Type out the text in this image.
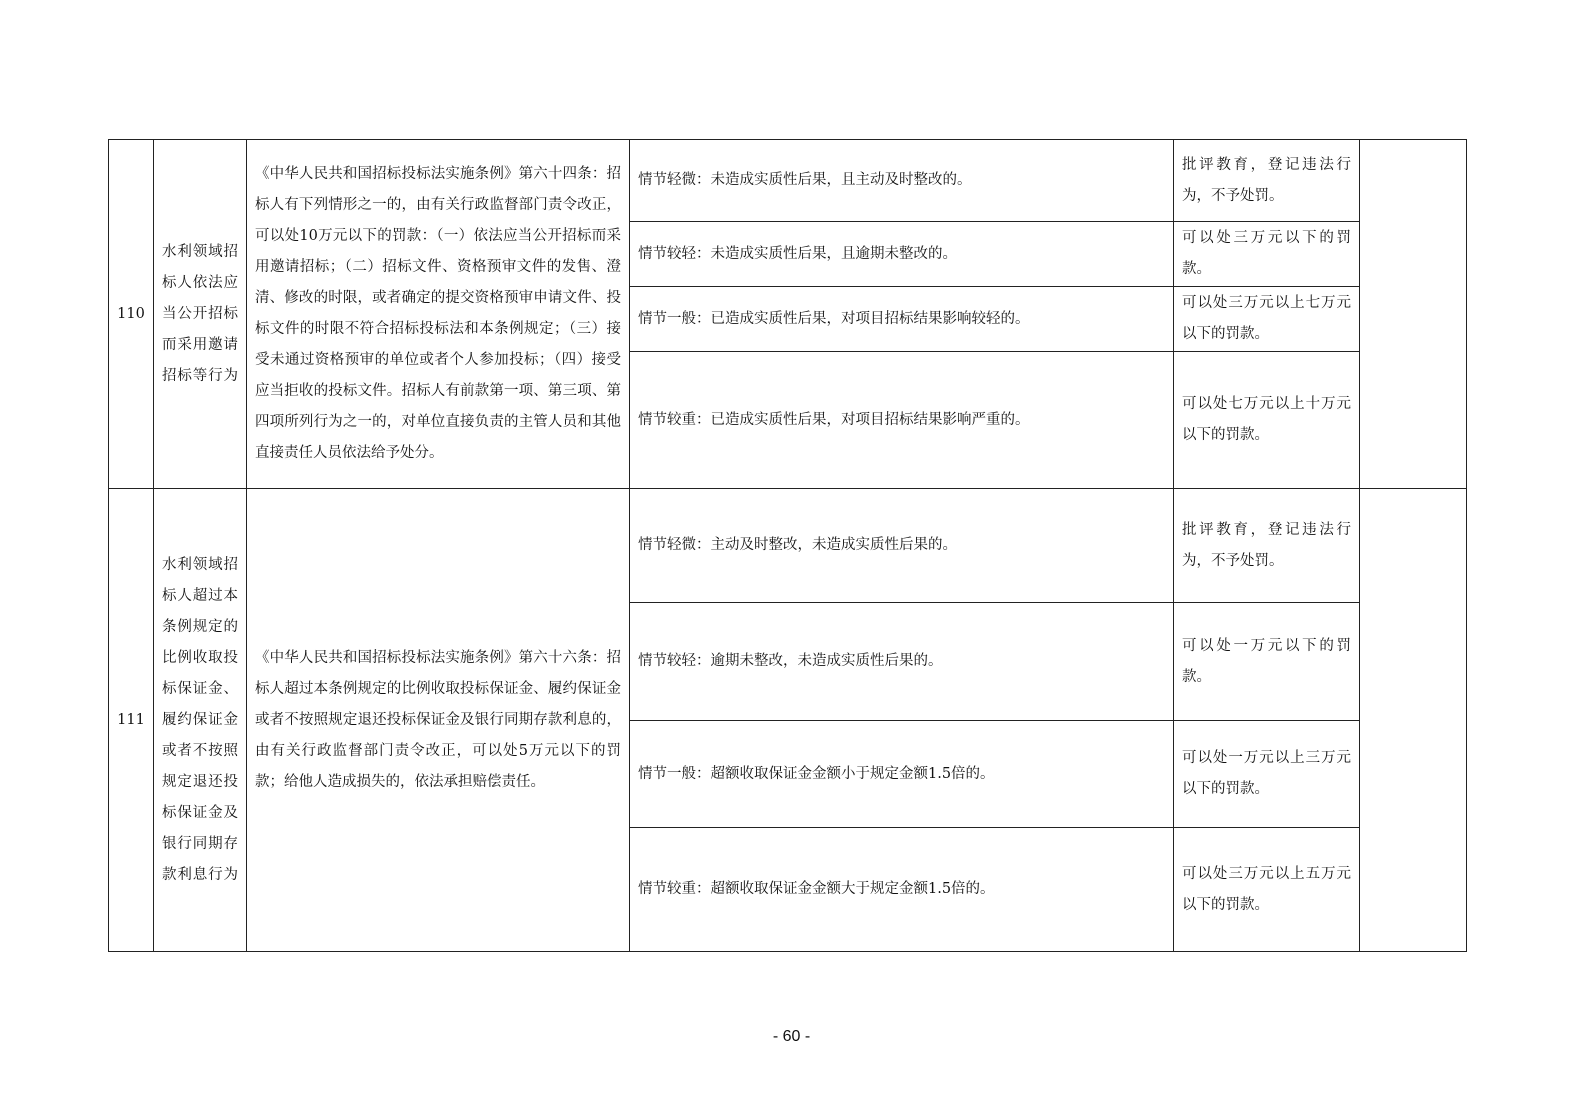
110	水利领域招标人依法应当公开招标而采用邀请招标等行为	《中华人民共和国招标投标法实施条例》第六十四条：招标人有下列情形之一的，由有关行政监督部门责令改正，可以处10万元以下的罚款：（一）依法应当公开招标而采用邀请招标；（二）招标文件、资格预审文件的发售、澄清、修改的时限，或者确定的提交资格预审申请文件、投标文件的时限不符合招标投标法和本条例规定；（三）接受未通过资格预审的单位或者个人参加投标；（四）接受应当拒收的投标文件。招标人有前款第一项、第三项、第四项所列行为之一的，对单位直接负责的主管人员和其他直接责任人员依法给予处分。	情节轻微：未造成实质性后果，且主动及时整改的。	批评教育，登记违法行为，不予处罚。	
			情节较轻：未造成实质性后果，且逾期未整改的。	可以处三万元以下的罚款。	
			情节一般：已造成实质性后果，对项目招标结果影响较轻的。	可以处三万元以上七万元以下的罚款。	
			情节较重：已造成实质性后果，对项目招标结果影响严重的。	可以处七万元以上十万元以下的罚款。	
111	水利领域招标人超过本条例规定的比例收取投标保证金、履约保证金或者不按照规定退还投标保证金及银行同期存款利息行为	《中华人民共和国招标投标法实施条例》第六十六条：招标人超过本条例规定的比例收取投标保证金、履约保证金或者不按照规定退还投标保证金及银行同期存款利息的，由有关行政监督部门责令改正，可以处5万元以下的罚款；给他人造成损失的，依法承担赔偿责任。	情节轻微：主动及时整改，未造成实质性后果的。	批评教育，登记违法行为，不予处罚。	
			情节较轻：逾期未整改，未造成实质性后果的。	可以处一万元以下的罚款。	
			情节一般：超额收取保证金金额小于规定金额1.5倍的。	可以处一万元以上三万元以下的罚款。	
			情节较重：超额收取保证金金额大于规定金额1.5倍的。	可以处三万元以上五万元以下的罚款。	
- 60 -
